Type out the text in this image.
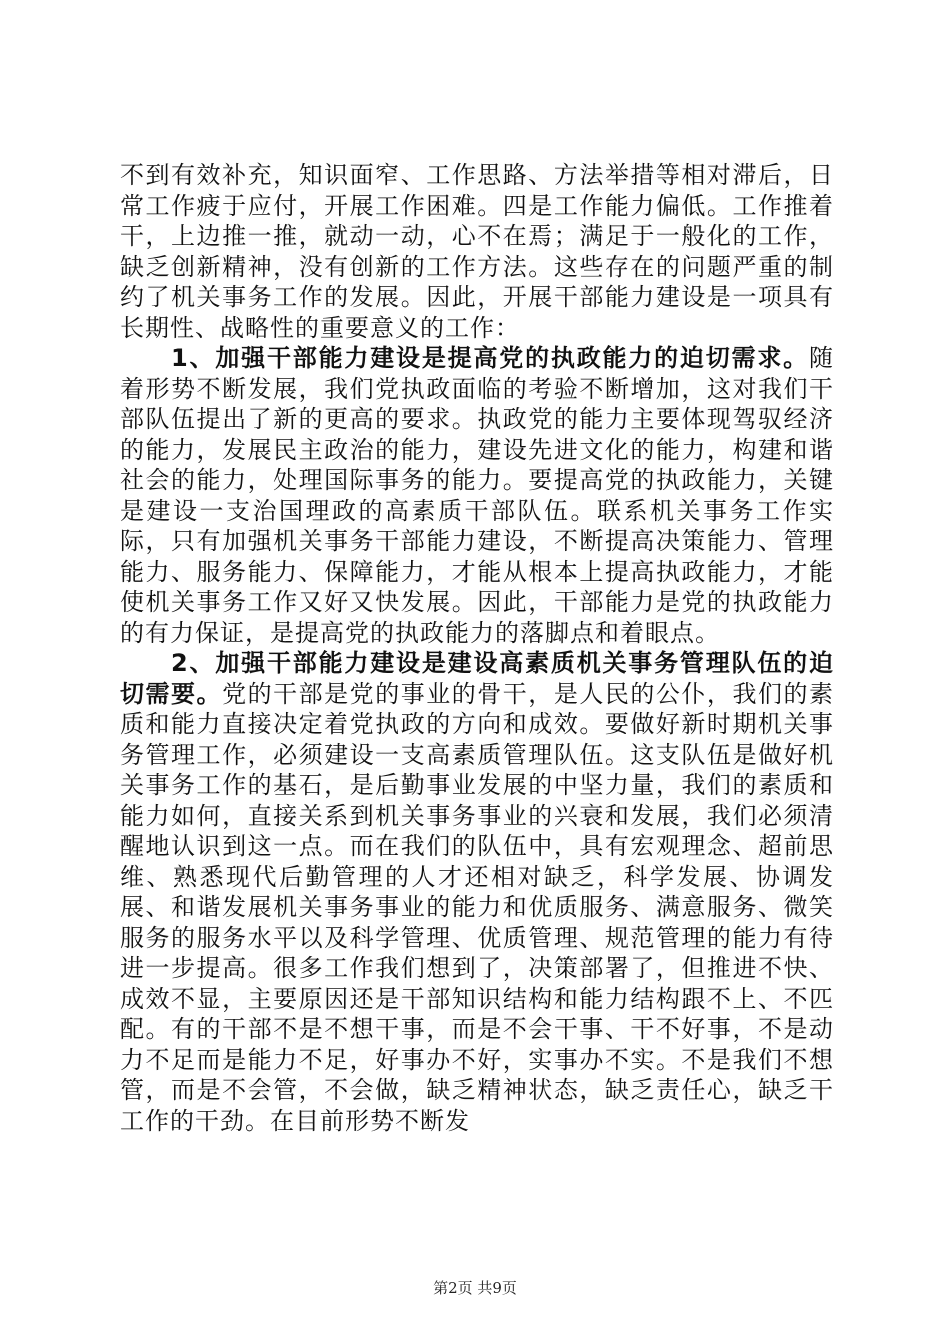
不到有效补充，知识面窄、工作思路、方法举措等相对滞后，日常工作疲于应付，开展工作困难。四是工作能力偏低。工作推着干，上边推一推，就动一动，心不在焉；满足于一般化的工作，缺乏创新精神，没有创新的工作方法。这些存在的问题严重的制约了机关事务工作的发展。因此，开展干部能力建设是一项具有长期性、战略性的重要意义的工作：

1、加强干部能力建设是提高党的执政能力的迫切需求。随着形势不断发展，我们党执政面临的考验不断增加，这对我们干部队伍提出了新的更高的要求。执政党的能力主要体现驾驭经济的能力，发展民主政治的能力，建设先进文化的能力，构建和谐社会的能力，处理国际事务的能力。要提高党的执政能力，关键是建设一支治国理政的高素质干部队伍。联系机关事务工作实际，只有加强机关事务干部能力建设，不断提高决策能力、管理能力、服务能力、保障能力，才能从根本上提高执政能力，才能使机关事务工作又好又快发展。因此，干部能力是党的执政能力的有力保证，是提高党的执政能力的落脚点和着眼点。

2、加强干部能力建设是建设高素质机关事务管理队伍的迫切需要。党的干部是党的事业的骨干，是人民的公仆，我们的素质和能力直接决定着党执政的方向和成效。要做好新时期机关事务管理工作，必须建设一支高素质管理队伍。这支队伍是做好机关事务工作的基石，是后勤事业发展的中坚力量，我们的素质和能力如何，直接关系到机关事务事业的兴衰和发展，我们必须清醒地认识到这一点。而在我们的队伍中，具有宏观理念、超前思维、熟悉现代后勤管理的人才还相对缺乏，科学发展、协调发展、和谐发展机关事务事业的能力和优质服务、满意服务、微笑服务的服务水平以及科学管理、优质管理、规范管理的能力有待进一步提高。很多工作我们想到了，决策部署了，但推进不快、成效不显，主要原因还是干部知识结构和能力结构跟不上、不匹配。有的干部不是不想干事，而是不会干事、干不好事，不是动力不足而是能力不足，好事办不好，实事办不实。不是我们不想管，而是不会管，不会做，缺乏精神状态，缺乏责任心，缺乏干工作的干劲。在目前形势不断发

第2页 共9页
